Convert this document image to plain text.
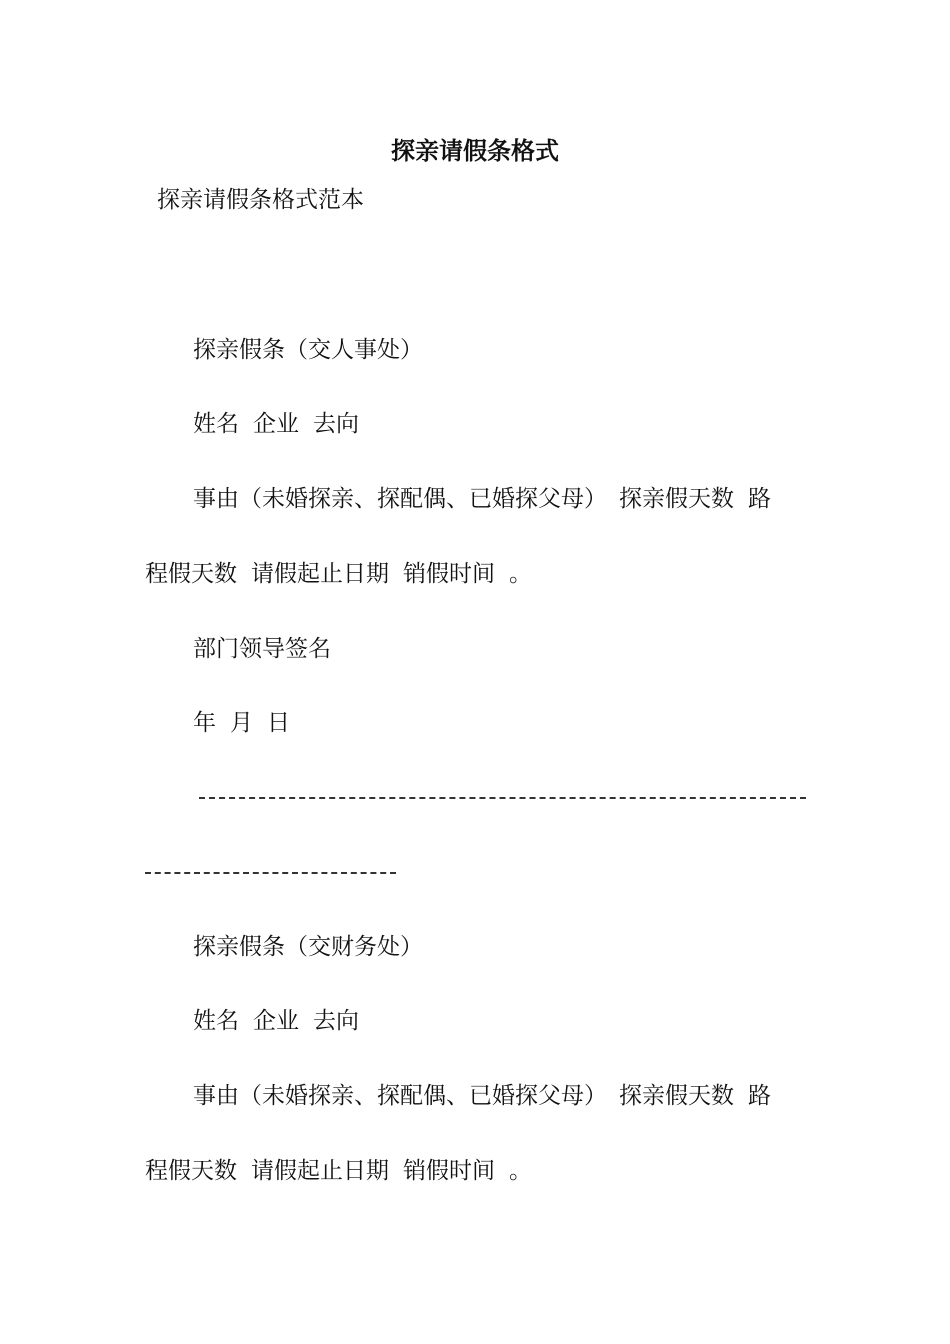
探亲请假条格式
探亲请假条格式范本
探亲假条（交人事处）
姓名 企业 去向
事由（未婚探亲、探配偶、已婚探父母） 探亲假天数 路
程假天数 请假起止日期 销假时间 。
部门领导签名
年 月 日
探亲假条（交财务处）
姓名 企业 去向
事由（未婚探亲、探配偶、已婚探父母） 探亲假天数 路
程假天数 请假起止日期 销假时间 。
